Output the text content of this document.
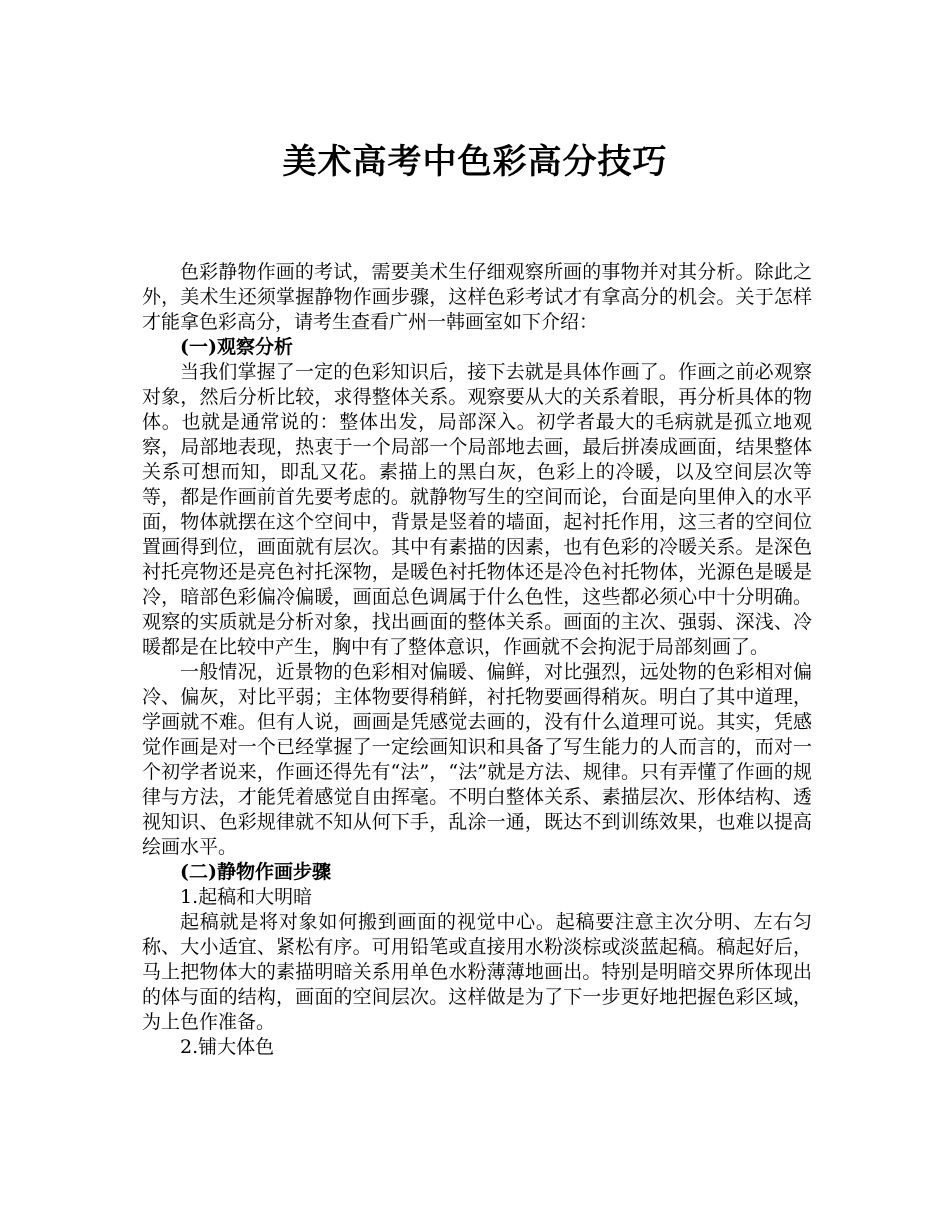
美术高考中色彩高分技巧

色彩静物作画的考试，需要美术生仔细观察所画的事物并对其分析。除此之外，美术生还须掌握静物作画步骤，这样色彩考试才有拿高分的机会。关于怎样才能拿色彩高分，请考生查看广州一韩画室如下介绍：

(一)观察分析

当我们掌握了一定的色彩知识后，接下去就是具体作画了。作画之前必观察对象，然后分析比较，求得整体关系。观察要从大的关系着眼，再分析具体的物体。也就是通常说的：整体出发，局部深入。初学者最大的毛病就是孤立地观察，局部地表现，热衷于一个局部一个局部地去画，最后拼凑成画面，结果整体关系可想而知，即乱又花。素描上的黑白灰，色彩上的冷暖，以及空间层次等等，都是作画前首先要考虑的。就静物写生的空间而论，台面是向里伸入的水平面，物体就摆在这个空间中，背景是竖着的墙面，起衬托作用，这三者的空间位置画得到位，画面就有层次。其中有素描的因素，也有色彩的冷暖关系。是深色衬托亮物还是亮色衬托深物，是暖色衬托物体还是冷色衬托物体，光源色是暖是冷，暗部色彩偏冷偏暖，画面总色调属于什么色性，这些都必须心中十分明确。观察的实质就是分析对象，找出画面的整体关系。画面的主次、强弱、深浅、冷暖都是在比较中产生，胸中有了整体意识，作画就不会拘泥于局部刻画了。

一般情况，近景物的色彩相对偏暖、偏鲜，对比强烈，远处物的色彩相对偏冷、偏灰，对比平弱；主体物要得稍鲜，衬托物要画得稍灰。明白了其中道理，学画就不难。但有人说，画画是凭感觉去画的，没有什么道理可说。其实，凭感觉作画是对一个已经掌握了一定绘画知识和具备了写生能力的人而言的，而对一个初学者说来，作画还得先有“法”，“法”就是方法、规律。只有弄懂了作画的规律与方法，才能凭着感觉自由挥毫。不明白整体关系、素描层次、形体结构、透视知识、色彩规律就不知从何下手，乱涂一通，既达不到训练效果，也难以提高绘画水平。

(二)静物作画步骤
1.起稿和大明暗

起稿就是将对象如何搬到画面的视觉中心。起稿要注意主次分明、左右匀称、大小适宜、紧松有序。可用铅笔或直接用水粉淡棕或淡蓝起稿。稿起好后，马上把物体大的素描明暗关系用单色水粉薄薄地画出。特别是明暗交界所体现出的体与面的结构，画面的空间层次。这样做是为了下一步更好地把握色彩区域，为上色作准备。

2.铺大体色
